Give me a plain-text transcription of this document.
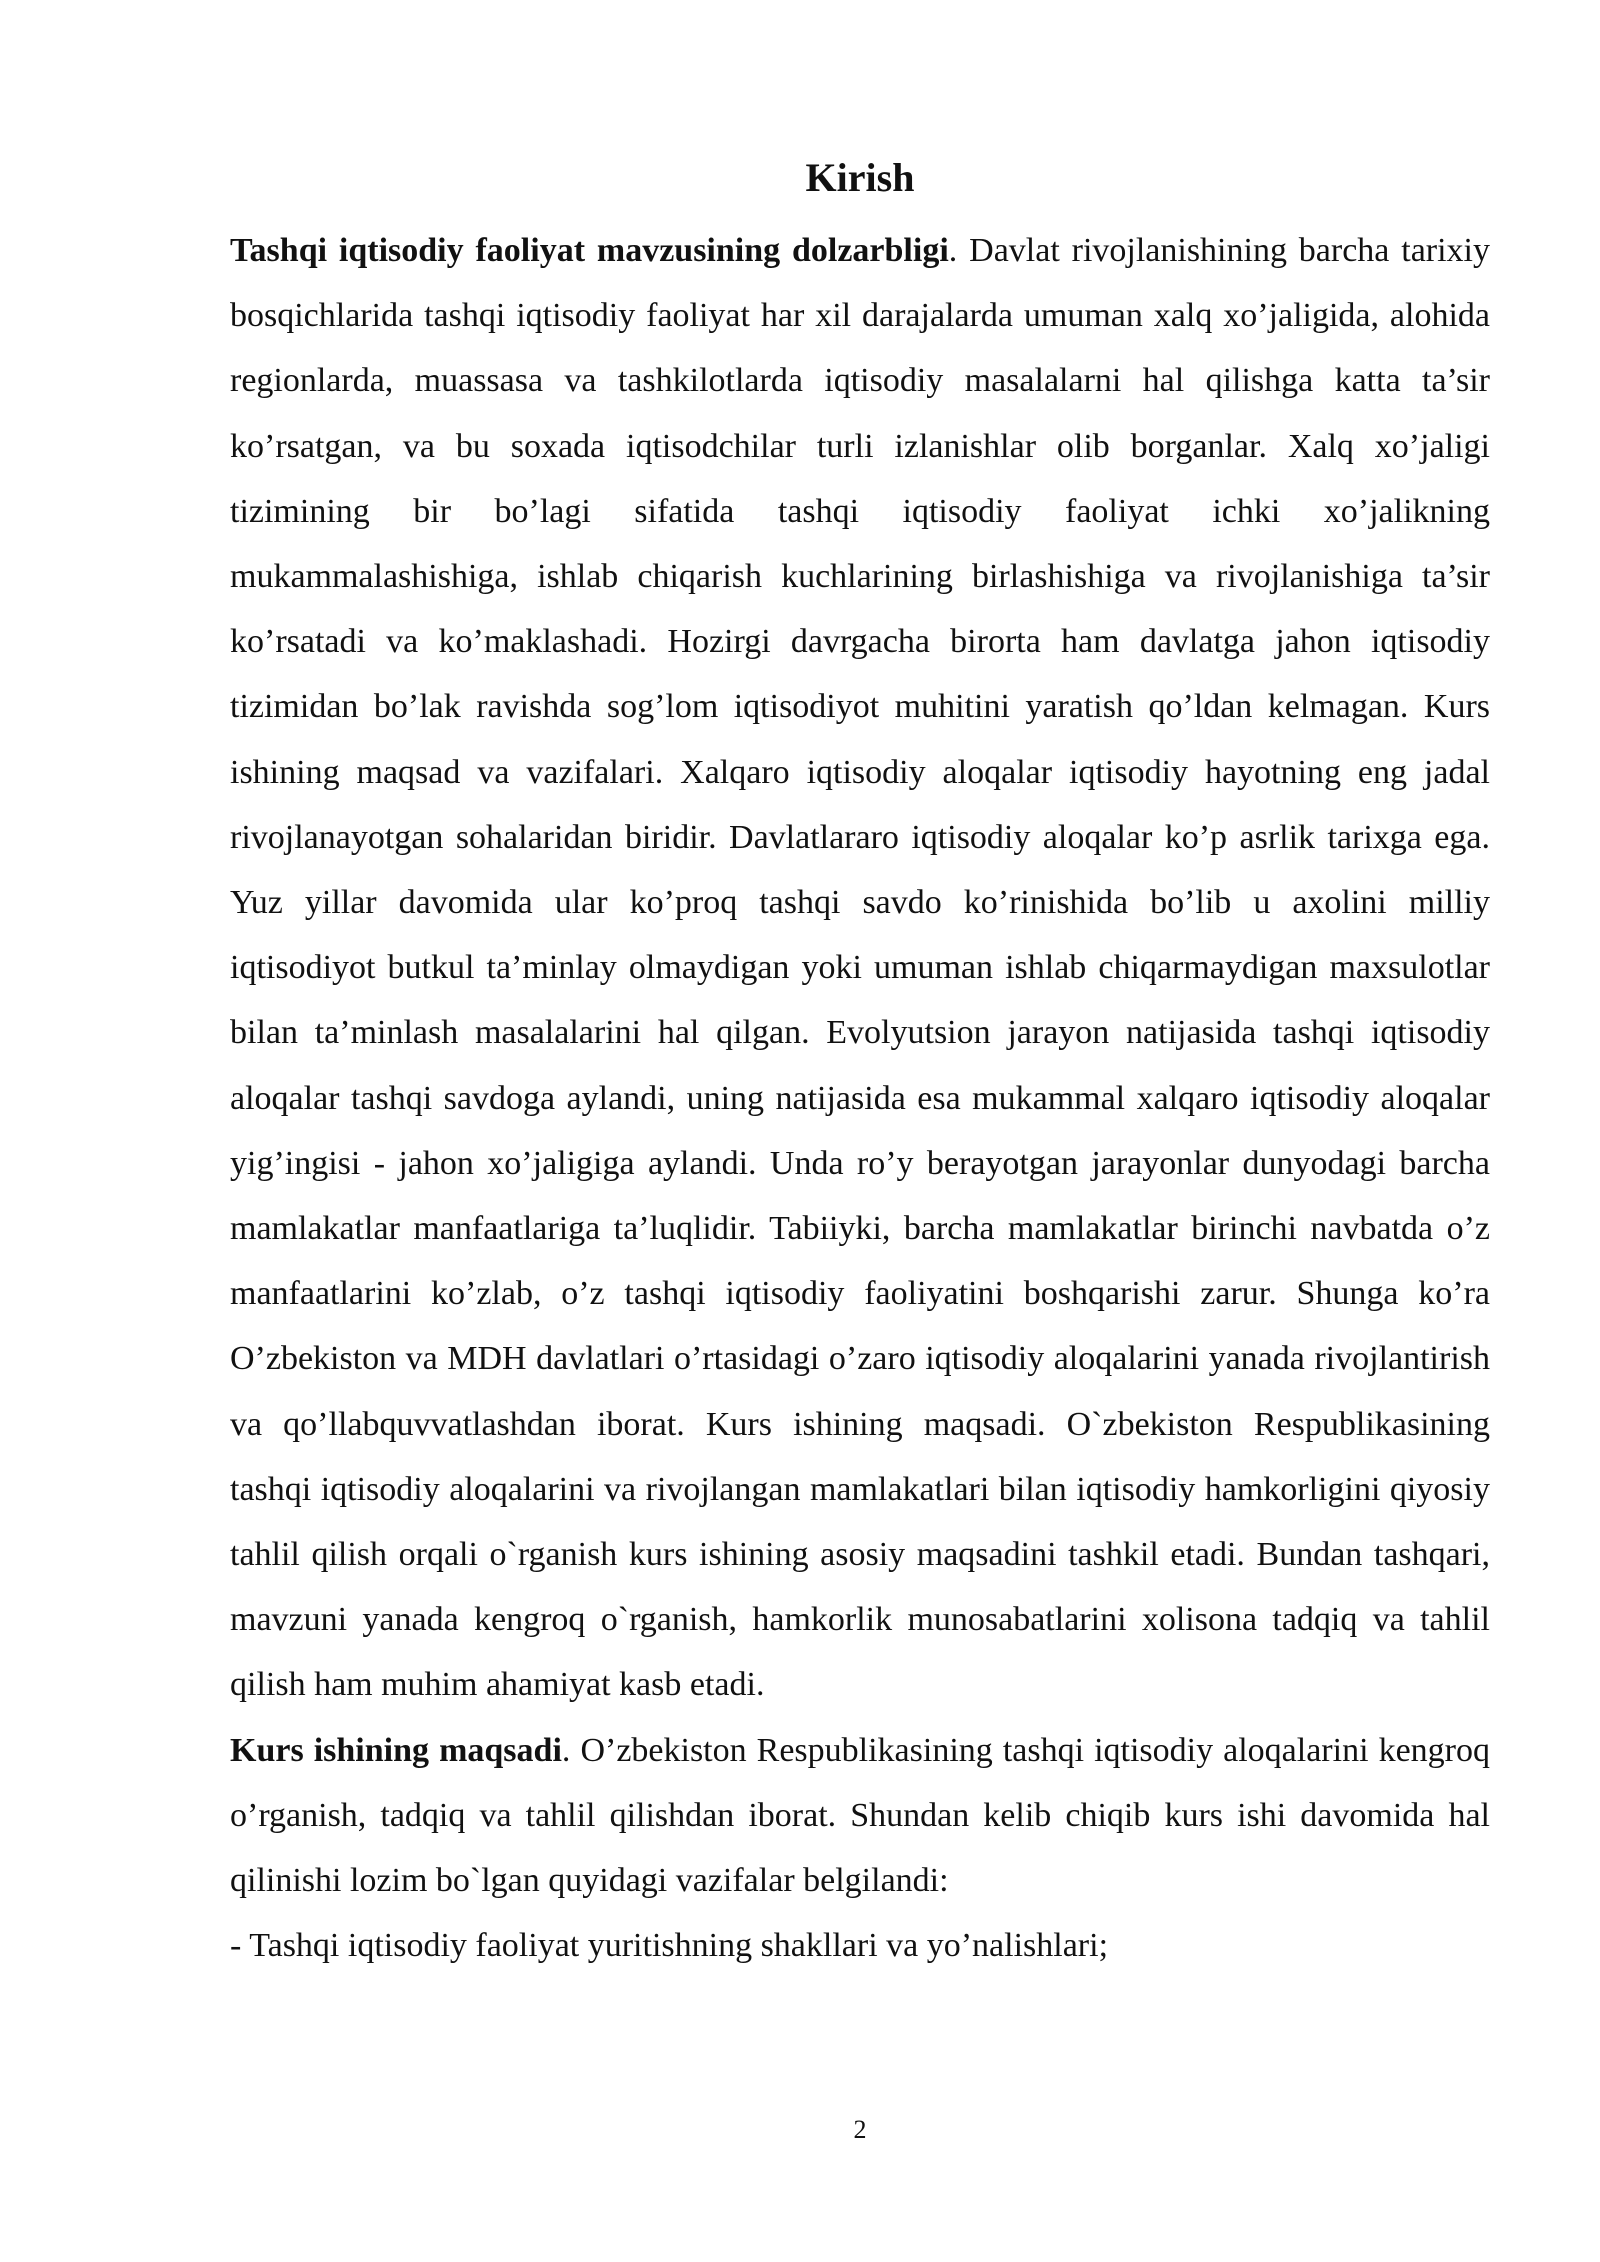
Kirish

Tashqi iqtisodiy faoliyat mavzusining dolzarbligi. Davlat rivojlanishining barcha tarixiy bosqichlarida tashqi iqtisodiy faoliyat har xil darajalarda umuman xalq xo’jaligida, alohida regionlarda, muassasa va tashkilotlarda iqtisodiy masalalarni hal qilishga katta ta’sir ko’rsatgan, va bu soxada iqtisodchilar turli izlanishlar olib borganlar. Xalq xo’jaligi tizimining bir bo’lagi sifatida tashqi iqtisodiy faoliyat ichki xo’jalikning mukammalashishiga, ishlab chiqarish kuchlarining birlashishiga va rivojlanishiga ta’sir ko’rsatadi va ko’maklashadi. Hozirgi davrgacha birorta ham davlatga jahon iqtisodiy tizimidan bo’lak ravishda sog’lom iqtisodiyot muhitini yaratish qo’ldan kelmagan. Kurs ishining maqsad va vazifalari. Xalqaro iqtisodiy aloqalar iqtisodiy hayotning eng jadal rivojlanayotgan sohalaridan biridir. Davlatlararo iqtisodiy aloqalar ko’p asrlik tarixga ega. Yuz yillar davomida ular ko’proq tashqi savdo ko’rinishida bo’lib u axolini milliy iqtisodiyot butkul ta’minlay olmaydigan yoki umuman ishlab chiqarmaydigan maxsulotlar bilan ta’minlash masalalarini hal qilgan. Evolyutsion jarayon natijasida tashqi iqtisodiy aloqalar tashqi savdoga aylandi, uning natijasida esa mukammal xalqaro iqtisodiy aloqalar yig’ingisi - jahon xo’jaligiga aylandi. Unda ro’y berayotgan jarayonlar dunyodagi barcha mamlakatlar manfaatlariga ta’luqlidir. Tabiiyki, barcha mamlakatlar birinchi navbatda o’z manfaatlarini ko’zlab, o’z tashqi iqtisodiy faoliyatini boshqarishi zarur. Shunga ko’ra O’zbekiston va MDH davlatlari o’rtasidagi o’zaro iqtisodiy aloqalarini yanada rivojlantirish va qo’llabquvvatlashdan iborat. Kurs ishining maqsadi. O`zbekiston Respublikasining tashqi iqtisodiy aloqalarini va rivojlangan mamlakatlari bilan iqtisodiy hamkorligini qiyosiy tahlil qilish orqali o`rganish kurs ishining asosiy maqsadini tashkil etadi. Bundan tashqari, mavzuni yanada kengroq o`rganish, hamkorlik munosabatlarini xolisona tadqiq va tahlil qilish ham muhim ahamiyat kasb etadi.

Kurs ishining maqsadi. O’zbekiston Respublikasining tashqi iqtisodiy aloqalarini kengroq o’rganish, tadqiq va tahlil qilishdan iborat. Shundan kelib chiqib kurs ishi davomida hal qilinishi lozim bo`lgan quyidagi vazifalar belgilandi:

- Tashqi iqtisodiy faoliyat yuritishning shakllari va yo’nalishlari;

2
